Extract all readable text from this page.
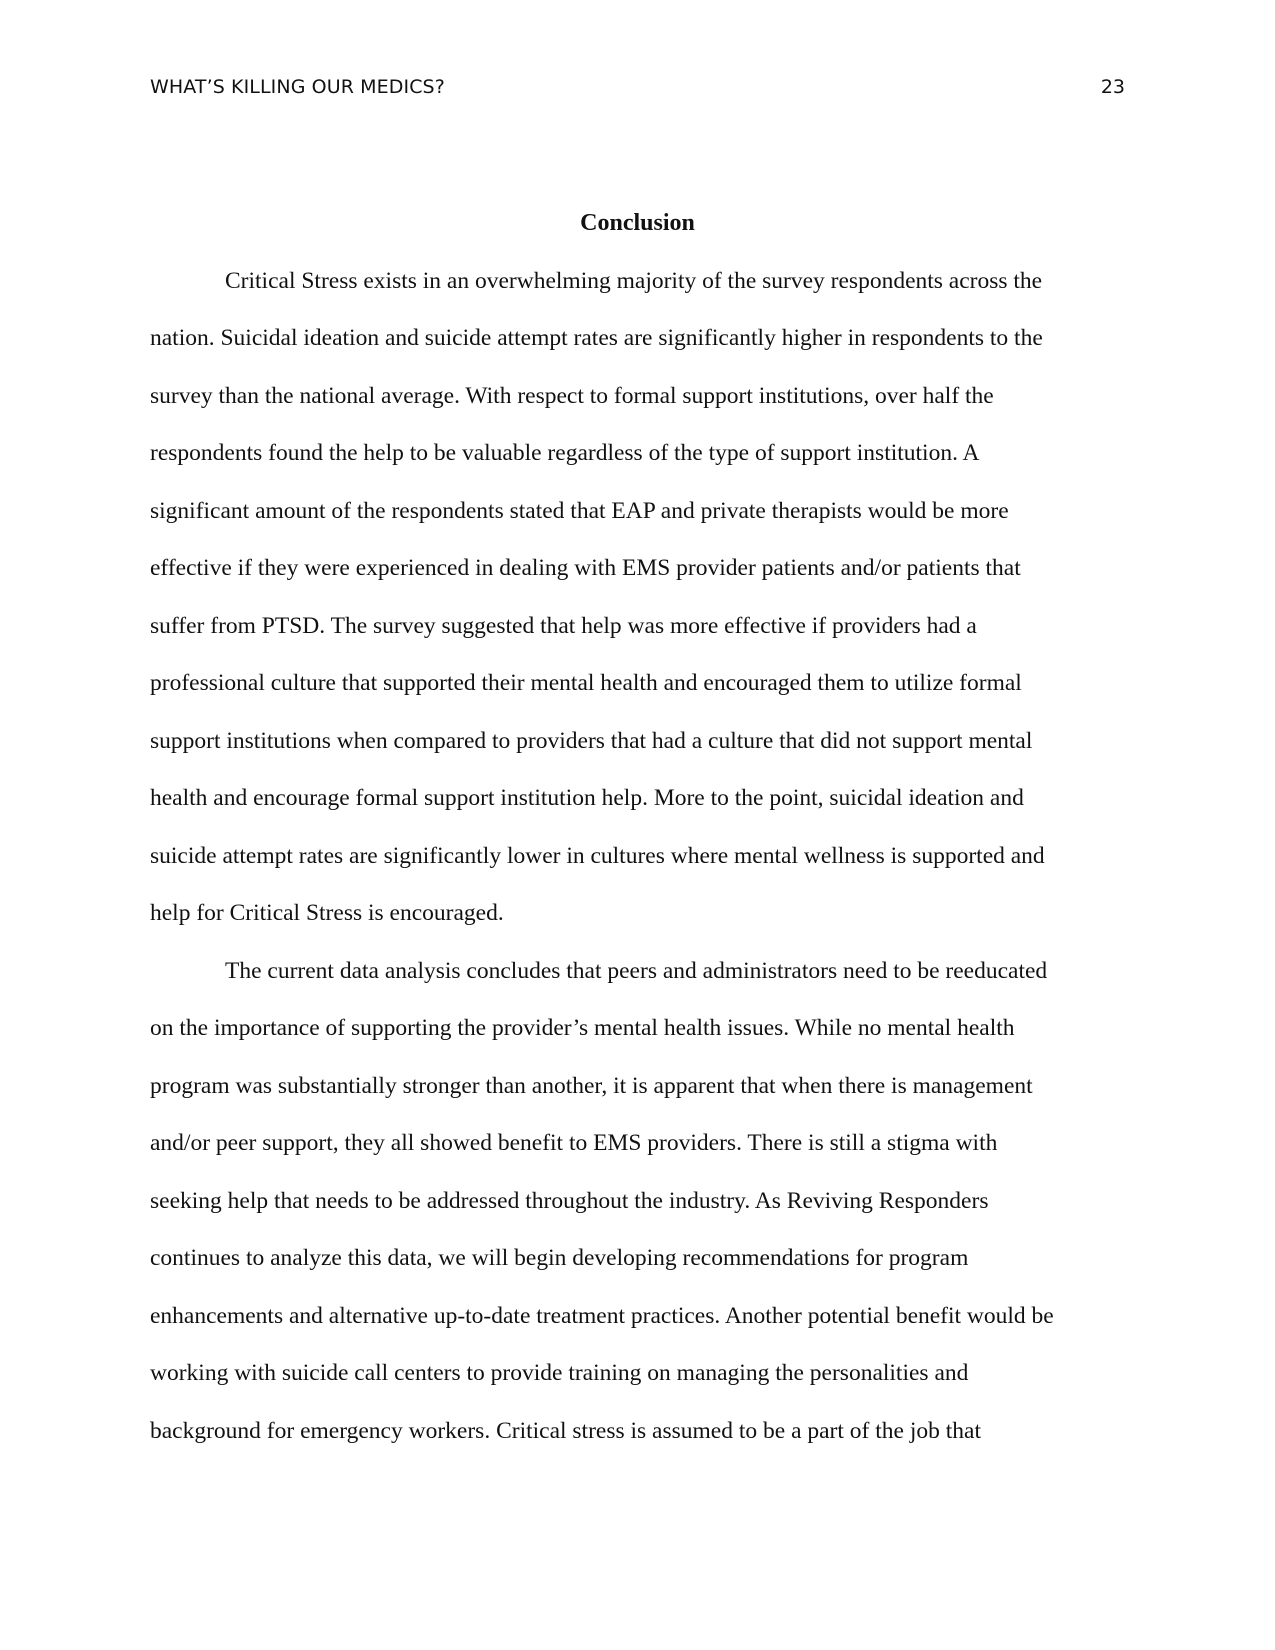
WHAT’S KILLING OUR MEDICS?	23
Conclusion
Critical Stress exists in an overwhelming majority of the survey respondents across the
nation. Suicidal ideation and suicide attempt rates are significantly higher in respondents to the
survey than the national average. With respect to formal support institutions, over half the
respondents found the help to be valuable regardless of the type of support institution. A
significant amount of the respondents stated that EAP and private therapists would be more
effective if they were experienced in dealing with EMS provider patients and/or patients that
suffer from PTSD. The survey suggested that help was more effective if providers had a
professional culture that supported their mental health and encouraged them to utilize formal
support institutions when compared to providers that had a culture that did not support mental
health and encourage formal support institution help. More to the point, suicidal ideation and
suicide attempt rates are significantly lower in cultures where mental wellness is supported and
help for Critical Stress is encouraged.
The current data analysis concludes that peers and administrators need to be reeducated
on the importance of supporting the provider’s mental health issues. While no mental health
program was substantially stronger than another, it is apparent that when there is management
and/or peer support, they all showed benefit to EMS providers. There is still a stigma with
seeking help that needs to be addressed throughout the industry. As Reviving Responders
continues to analyze this data, we will begin developing recommendations for program
enhancements and alternative up-to-date treatment practices. Another potential benefit would be
working with suicide call centers to provide training on managing the personalities and
background for emergency workers. Critical stress is assumed to be a part of the job that
